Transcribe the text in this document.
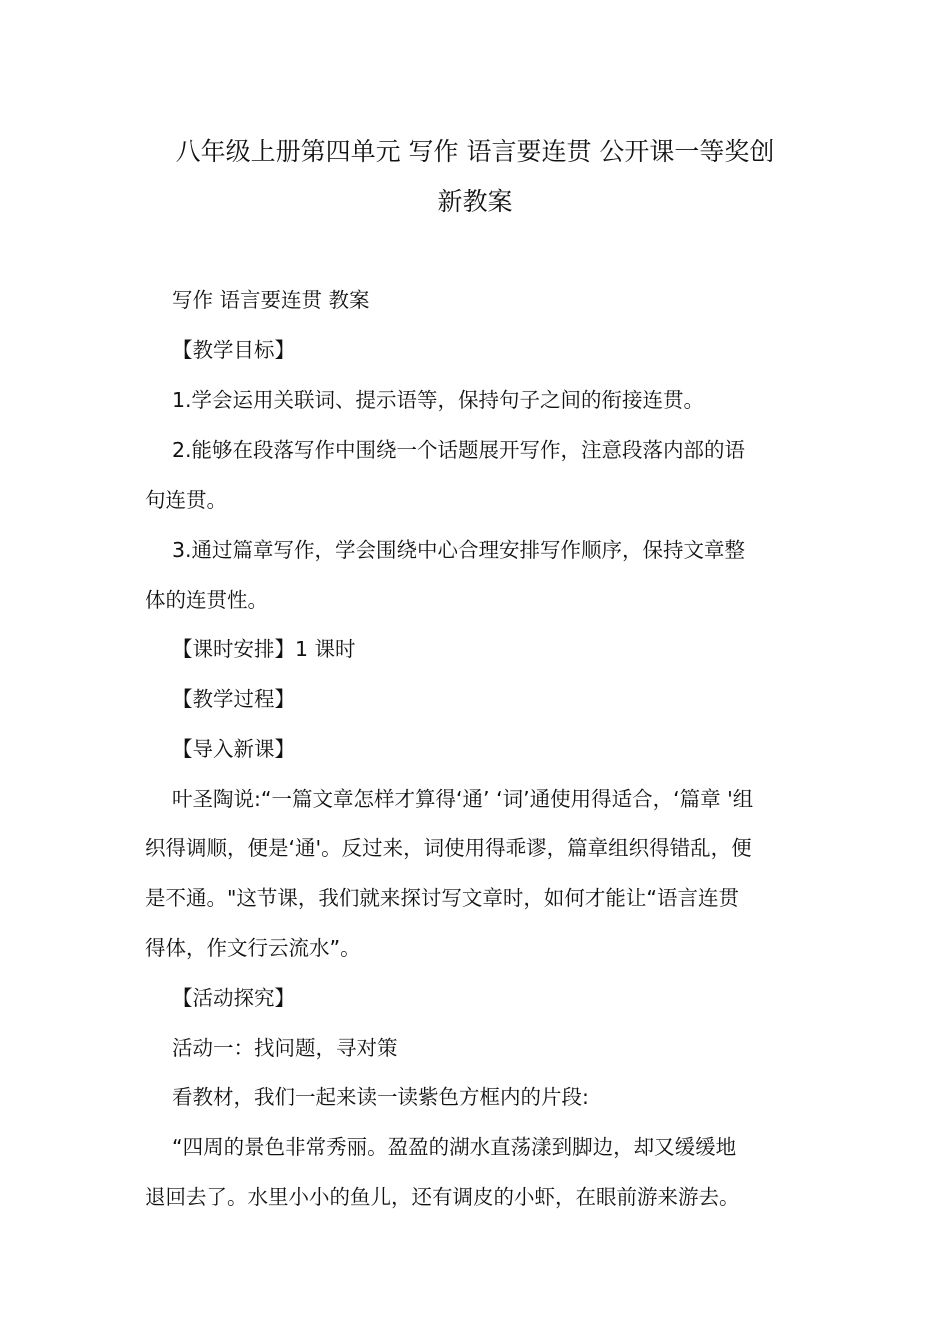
八年级上册第四单元 写作 语言要连贯 公开课一等奖创
新教案
写作 语言要连贯 教案
【教学目标】
1.学会运用关联词、提示语等，保持句子之间的衔接连贯。
2.能够在段落写作中围绕一个话题展开写作，注意段落内部的语
句连贯。
3.通过篇章写作，学会围绕中心合理安排写作顺序，保持文章整
体的连贯性。
【课时安排】1 课时
【教学过程】
【导入新课】
叶圣陶说:“一篇文章怎样才算得‘通’ ‘词’通使用得适合，‘篇章 '组
织得调顺，便是‘通'。反过来，词使用得乖谬，篇章组织得错乱，便
是不通。"这节课，我们就来探讨写文章时，如何才能让“语言连贯
得体，作文行云流水”。
【活动探究】
活动一：找问题，寻对策
看教材，我们一起来读一读紫色方框内的片段:
“四周的景色非常秀丽。盈盈的湖水直荡漾到脚边，却又缓缓地
退回去了。水里小小的鱼儿，还有调皮的小虾，在眼前游来游去。
